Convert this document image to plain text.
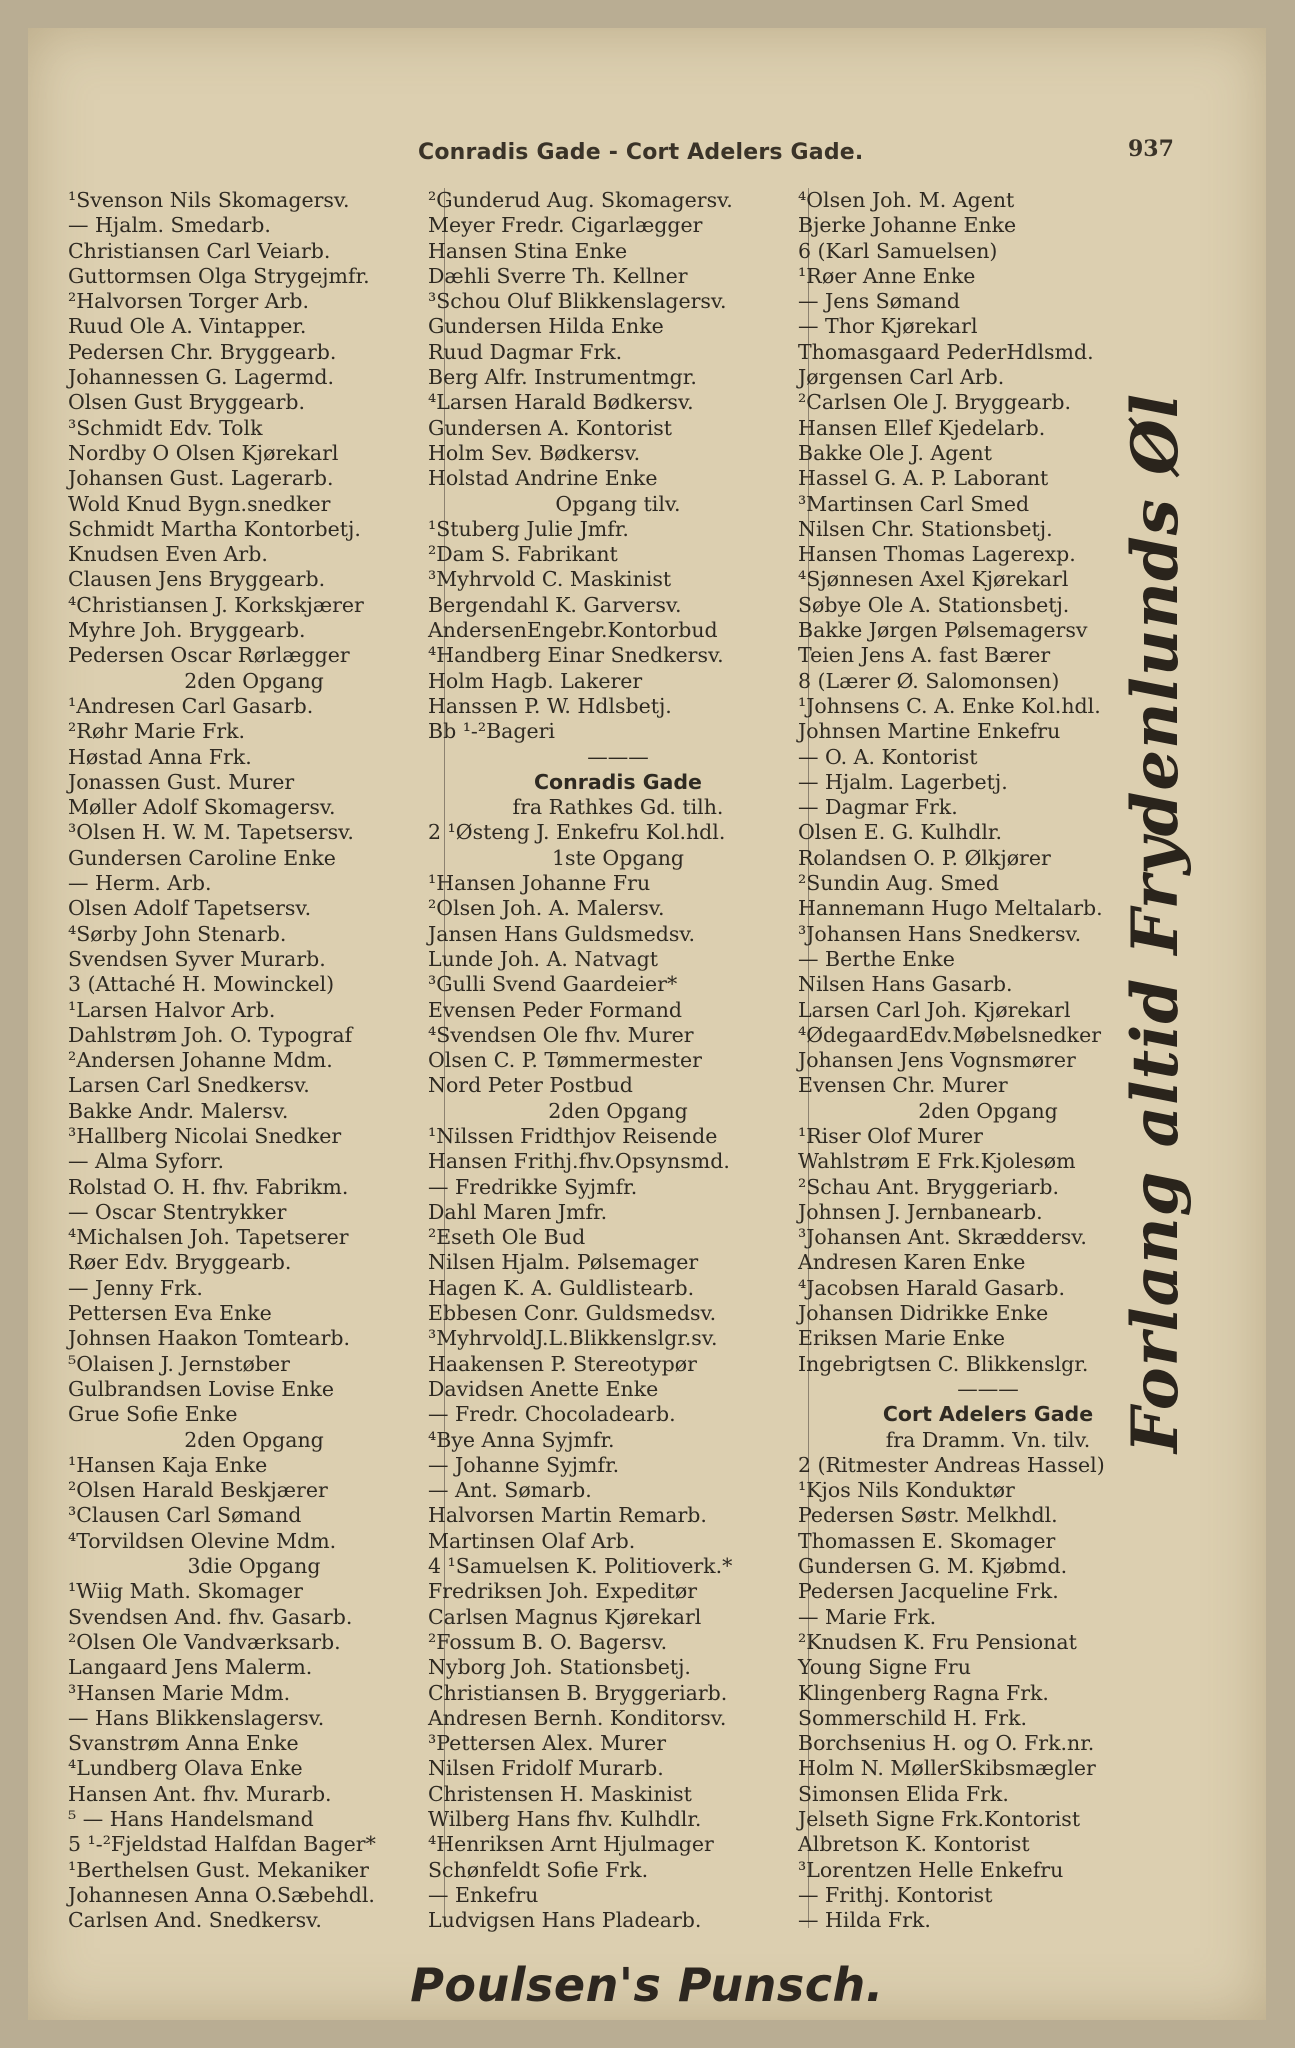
Conradis Gade - Cort Adelers Gade.	937
¹Svenson Nils Skomagersv.
— Hjalm. Smedarb.
Christiansen Carl Veiarb.
Guttormsen Olga Strygejmfr.
²Halvorsen Torger Arb.
Ruud Ole A. Vintapper.
Pedersen Chr. Bryggearb.
Johannessen G. Lagermd.
Olsen Gust Bryggearb.
³Schmidt Edv. Tolk
Nordby O Olsen Kjørekarl
Johansen Gust. Lagerarb.
Wold Knud Bygn.snedker
Schmidt Martha Kontorbetj.
Knudsen Even Arb.
Clausen Jens Bryggearb.
⁴Christiansen J. Korkskjærer
Myhre Joh. Bryggearb.
Pedersen Oscar Rørlægger
2den Opgang
¹Andresen Carl Gasarb.
²Røhr Marie Frk.
Høstad Anna Frk.
Jonassen Gust. Murer
Møller Adolf Skomagersv.
³Olsen H. W. M. Tapetsersv.
Gundersen Caroline Enke
— Herm. Arb.
Olsen Adolf Tapetsersv.
⁴Sørby John Stenarb.
Svendsen Syver Murarb.
3 (Attaché H. Mowinckel)
¹Larsen Halvor Arb.
Dahlstrøm Joh. O. Typograf
²Andersen Johanne Mdm.
Larsen Carl Snedkersv.
Bakke Andr. Malersv.
³Hallberg Nicolai Snedker
— Alma Syforr.
Rolstad O. H. fhv. Fabrikm.
— Oscar Stentrykker
⁴Michalsen Joh. Tapetserer
Røer Edv. Bryggearb.
— Jenny Frk.
Pettersen Eva Enke
Johnsen Haakon Tomtearb.
⁵Olaisen J. Jernstøber
Gulbrandsen Lovise Enke
Grue Sofie Enke
2den Opgang
¹Hansen Kaja Enke
²Olsen Harald Beskjærer
³Clausen Carl Sømand
⁴Torvildsen Olevine Mdm.
3die Opgang
¹Wiig Math. Skomager
Svendsen And. fhv. Gasarb.
²Olsen Ole Vandværksarb.
Langaard Jens Malerm.
³Hansen Marie Mdm.
— Hans Blikkenslagersv.
Svanstrøm Anna Enke
⁴Lundberg Olava Enke
Hansen Ant. fhv. Murarb.
⁵ — Hans Handelsmand
5 ¹-²Fjeldstad Halfdan Bager*
¹Berthelsen Gust. Mekaniker
Johannesen Anna O.Sæbehdl.
Carlsen And. Snedkersv.
²Gunderud Aug. Skomagersv.
Meyer Fredr. Cigarlægger
Hansen Stina Enke
Dæhli Sverre Th. Kellner
³Schou Oluf Blikkenslagersv.
Gundersen Hilda Enke
Ruud Dagmar Frk.
Berg Alfr. Instrumentmgr.
⁴Larsen Harald Bødkersv.
Gundersen A. Kontorist
Holm Sev. Bødkersv.
Holstad Andrine Enke
Opgang tilv.
¹Stuberg Julie Jmfr.
²Dam S. Fabrikant
³Myhrvold C. Maskinist
Bergendahl K. Garversv.
AndersenEngebr.Kontorbud
⁴Handberg Einar Snedkersv.
Holm Hagb. Lakerer
Hanssen P. W. Hdlsbetj.
Bb ¹-²Bageri
———
Conradis Gade
fra Rathkes Gd. tilh.
2 ¹Østeng J. Enkefru Kol.hdl.
1ste Opgang
¹Hansen Johanne Fru
²Olsen Joh. A. Malersv.
Jansen Hans Guldsmedsv.
Lunde Joh. A. Natvagt
³Gulli Svend Gaardeier*
Evensen Peder Formand
⁴Svendsen Ole fhv. Murer
Olsen C. P. Tømmermester
Nord Peter Postbud
2den Opgang
¹Nilssen Fridthjov Reisende
Hansen Frithj.fhv.Opsynsmd.
— Fredrikke Syjmfr.
Dahl Maren Jmfr.
²Eseth Ole Bud
Nilsen Hjalm. Pølsemager
Hagen K. A. Guldlistearb.
Ebbesen Conr. Guldsmedsv.
³MyhrvoldJ.L.Blikkenslgr.sv.
Haakensen P. Stereotypør
Davidsen Anette Enke
— Fredr. Chocoladearb.
⁴Bye Anna Syjmfr.
— Johanne Syjmfr.
— Ant. Sømarb.
Halvorsen Martin Remarb.
Martinsen Olaf Arb.
4 ¹Samuelsen K. Politioverk.*
Fredriksen Joh. Expeditør
Carlsen Magnus Kjørekarl
²Fossum B. O. Bagersv.
Nyborg Joh. Stationsbetj.
Christiansen B. Bryggeriarb.
Andresen Bernh. Konditorsv.
³Pettersen Alex. Murer
Nilsen Fridolf Murarb.
Christensen H. Maskinist
Wilberg Hans fhv. Kulhdlr.
⁴Henriksen Arnt Hjulmager
Schønfeldt Sofie Frk.
— Enkefru
Ludvigsen Hans Pladearb.
⁴Olsen Joh. M. Agent
Bjerke Johanne Enke
6 (Karl Samuelsen)
¹Røer Anne Enke
— Jens Sømand
— Thor Kjørekarl
Thomasgaard PederHdlsmd.
Jørgensen Carl Arb.
²Carlsen Ole J. Bryggearb.
Hansen Ellef Kjedelarb.
Bakke Ole J. Agent
Hassel G. A. P. Laborant
³Martinsen Carl Smed
Nilsen Chr. Stationsbetj.
Hansen Thomas Lagerexp.
⁴Sjønnesen Axel Kjørekarl
Søbye Ole A. Stationsbetj.
Bakke Jørgen Pølsemagersv
Teien Jens A. fast Bærer
8 (Lærer Ø. Salomonsen)
¹Johnsens C. A. Enke Kol.hdl.
Johnsen Martine Enkefru
— O. A. Kontorist
— Hjalm. Lagerbetj.
— Dagmar Frk.
Olsen E. G. Kulhdlr.
Rolandsen O. P. Ølkjører
²Sundin Aug. Smed
Hannemann Hugo Meltalarb.
³Johansen Hans Snedkersv.
— Berthe Enke
Nilsen Hans Gasarb.
Larsen Carl Joh. Kjørekarl
⁴ØdegaardEdv.Møbelsnedker
Johansen Jens Vognsmører
Evensen Chr. Murer
2den Opgang
¹Riser Olof Murer
Wahlstrøm E Frk.Kjolesøm
²Schau Ant. Bryggeriarb.
Johnsen J. Jernbanearb.
³Johansen Ant. Skræddersv.
Andresen Karen Enke
⁴Jacobsen Harald Gasarb.
Johansen Didrikke Enke
Eriksen Marie Enke
Ingebrigtsen C. Blikkenslgr.
———
Cort Adelers Gade
fra Dramm. Vn. tilv.
2 (Ritmester Andreas Hassel)
¹Kjos Nils Konduktør
Pedersen Søstr. Melkhdl.
Thomassen E. Skomager
Gundersen G. M. Kjøbmd.
Pedersen Jacqueline Frk.
— Marie Frk.
²Knudsen K. Fru Pensionat
Young Signe Fru
Klingenberg Ragna Frk.
Sommerschild H. Frk.
Borchsenius H. og O. Frk.nr.
Holm N. MøllerSkibsmægler
Simonsen Elida Frk.
Jelseth Signe Frk.Kontorist
Albretson K. Kontorist
³Lorentzen Helle Enkefru
— Frithj. Kontorist
— Hilda Frk.
Forlang altid Frydenlunds Øl
Poulsen's Punsch.
